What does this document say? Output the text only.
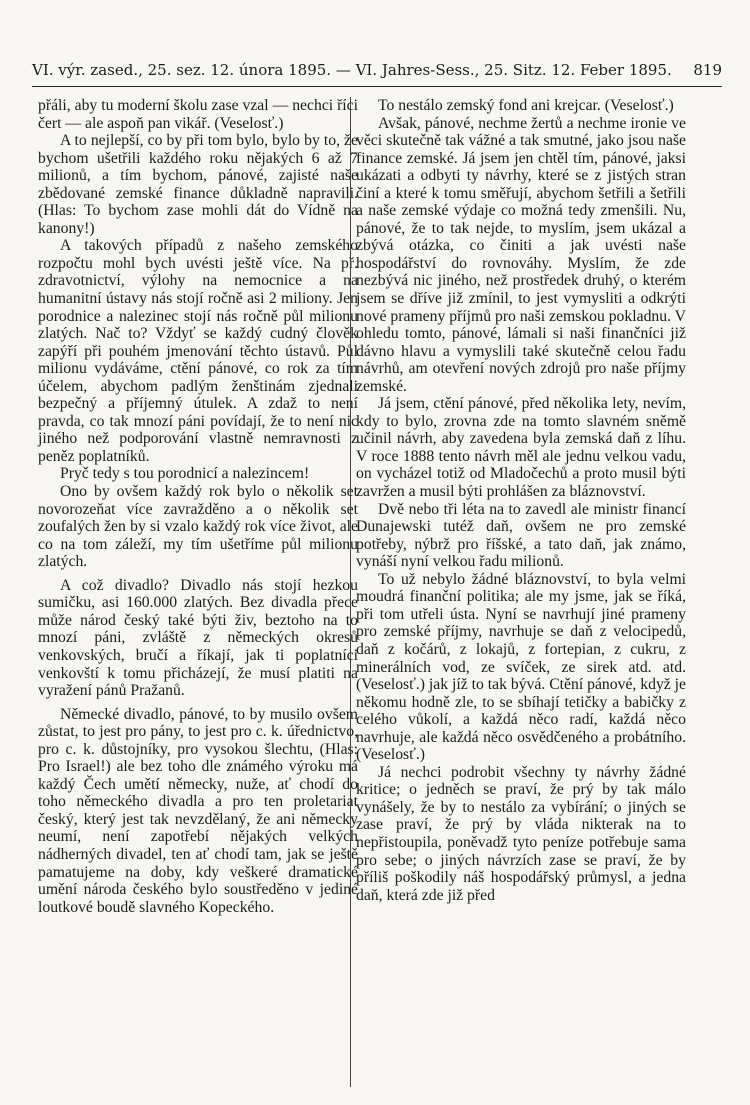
VI. výr. zased., 25. sez. 12. února 1895. — VI. Jahres-Sess., 25. Sitz. 12. Feber 1895. 819

přáli, aby tu moderní školu zase vzal — nechci říci čert — ale aspoň pan vikář. (Veselosť.)

A to nejlepší, co by při tom bylo, bylo by to, že bychom ušetřili každého roku nějakých 6 až 7 milionů, a tím bychom, pánové, zajisté naše zbědované zemské finance důkladně napravili. (Hlas: To bychom zase mohli dát do Vídně na kanony!)

A takových případů z našeho zemského rozpočtu mohl bych uvésti ještě více. Na př. zdravotnictví, výlohy na nemocnice a na humanitní ústavy nás stojí ročně asi 2 miliony. Jen porodnice a nalezinec stojí nás ročně půl milionu zlatých. Nač to? Vždyť se každý cudný člověk zapýří při pouhém jmenování těchto ústavů. Půl milionu vydáváme, ctění pánové, co rok za tím účelem, abychom padlým ženštinám zjednali bezpečný a příjemný útulek. A zdaž to není pravda, co tak mnozí páni povídají, že to není nic jiného než podporování vlastně nemravnosti z peněz poplatníků.

Pryč tedy s tou porodnicí a nalezincem!

Ono by ovšem každý rok bylo o několik set novorozeňat více zavražděno a o několik set zoufalých žen by si vzalo každý rok více život, ale co na tom záleží, my tím ušetříme půl milionu zlatých.

A což divadlo? Divadlo nás stojí hezkou sumičku, asi 160.000 zlatých. Bez divadla přece může národ český také býti živ, beztoho na to mnozí páni, zvláště z německých okresů venkovských, bručí a říkají, jak ti poplatníci venkovští k tomu přicházejí, že musí platiti na vyražení pánů Pražanů.

Německé divadlo, pánové, to by musilo ovšem zůstat, to jest pro pány, to jest pro c. k. úřednictvo, pro c. k. důstojníky, pro vysokou šlechtu, (Hlas: Pro Israel!) ale bez toho dle známého výroku má každý Čech umětí německy, nuže, ať chodí do toho německého divadla a pro ten proletariat český, který jest tak nevzdělaný, že ani německy neumí, není zapotřebí nějakých velkých nádherných divadel, ten ať chodí tam, jak se ještě pamatujeme na doby, kdy veškeré dramatické umění národa českého bylo soustředěno v jediné loutkové boudě slavného Kopeckého.

To nestálo zemský fond ani krejcar. (Veselosť.)

Avšak, pánové, nechme žertů a nechme ironie ve věci skutečně tak vážné a tak smutné, jako jsou naše finance zemské. Já jsem jen chtěl tím, pánové, jaksi ukázati a odbyti ty návrhy, které se z jistých stran činí a které k tomu směřují, abychom šetřili a šetřili a naše zemské výdaje co možná tedy zmenšili. Nu, pánové, že to tak nejde, to myslím, jsem ukázal a zbývá otázka, co činiti a jak uvésti naše hospodářství do rovnováhy. Myslím, že zde nezbývá nic jiného, než prostředek druhý, o kterém jsem se dříve již zmínil, to jest vymysliti a odkrýti nové prameny příjmů pro naši zemskou pokladnu. V ohledu tomto, pánové, lámali si naši finančníci již dávno hlavu a vymyslili také skutečně celou řadu návrhů, am otevření nových zdrojů pro naše příjmy zemské.

Já jsem, ctění pánové, před několika lety, nevím, kdy to bylo, zrovna zde na tomto slavném sněmě učinil návrh, aby zavedena byla zemská daň z líhu. V roce 1888 tento návrh měl ale jednu velkou vadu, on vycházel totiž od Mladočechů a proto musil býti zavržen a musil býti prohlášen za bláznovství.

Dvě nebo tři léta na to zavedl ale ministr financí Dunajewski tutéž daň, ovšem ne pro zemské potřeby, nýbrž pro říšské, a tato daň, jak známo, vynáší nyní velkou řadu milionů.

To už nebylo žádné bláznovství, to byla velmi moudrá finanční politika; ale my jsme, jak se říká, při tom utřeli ústa. Nyní se navrhují jiné prameny pro zemské příjmy, navrhuje se daň z velocipedů, daň z kočárů, z lokajů, z fortepian, z cukru, z minerálních vod, ze svíček, ze sirek atd. atd. (Veselosť.) jak jíž to tak bývá. Ctění pánové, když je někomu hodně zle, to se sbíhají tetičky a babičky z celého vůkolí, a každá něco radí, každá něco navrhuje, ale každá něco osvědčeného a probátního. (Veselosť.)

Já nechci podrobit všechny ty návrhy žádné kritice; o jedněch se praví, že prý by tak málo vynášely, že by to nestálo za vybírání; o jiných se zase praví, že prý by vláda nikterak na to nepřistoupila, poněvadž tyto peníze potřebuje sama pro sebe; o jiných návrzích zase se praví, že by příliš poškodily náš hospodářský průmysl, a jedna daň, která zde již před
